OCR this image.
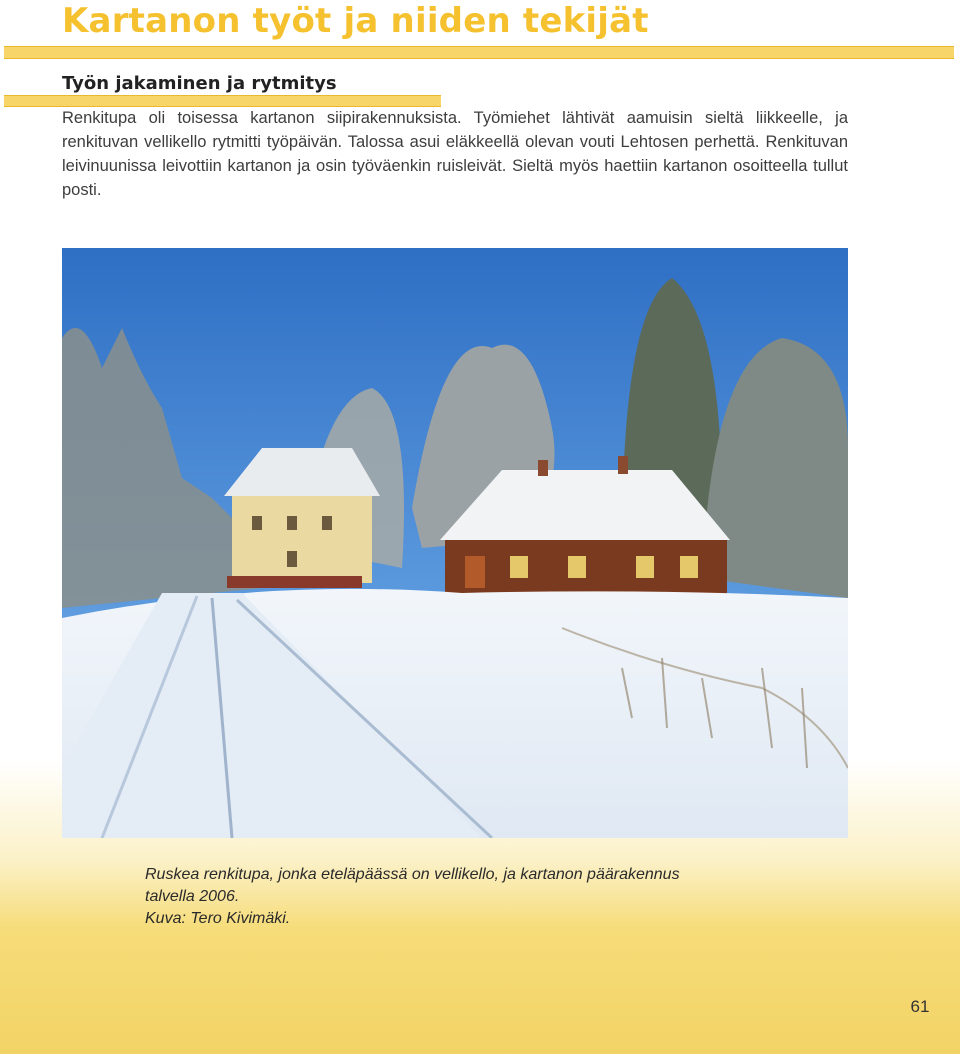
Kartanon työt ja niiden tekijät
Työn jakaminen ja rytmitys

Renkitupa oli toisessa kartanon siipirakennuksista. Työmiehet lähtivät aamuisin sieltä liikkeelle, ja renkituvan vellikello rytmitti työpäivän. Talossa asui eläkkeellä olevan vouti Lehtosen perhettä. Renkituvan leivinuunissa leivottiin kartanon ja osin työväenkin ruisleivät. Sieltä myös haettiin kartanon osoitteella tullut posti.

Ruskea renkitupa, jonka eteläpäässä on vellikello, ja kartanon päärakennus
talvella 2006.
Kuva: Tero Kivimäki.

61
